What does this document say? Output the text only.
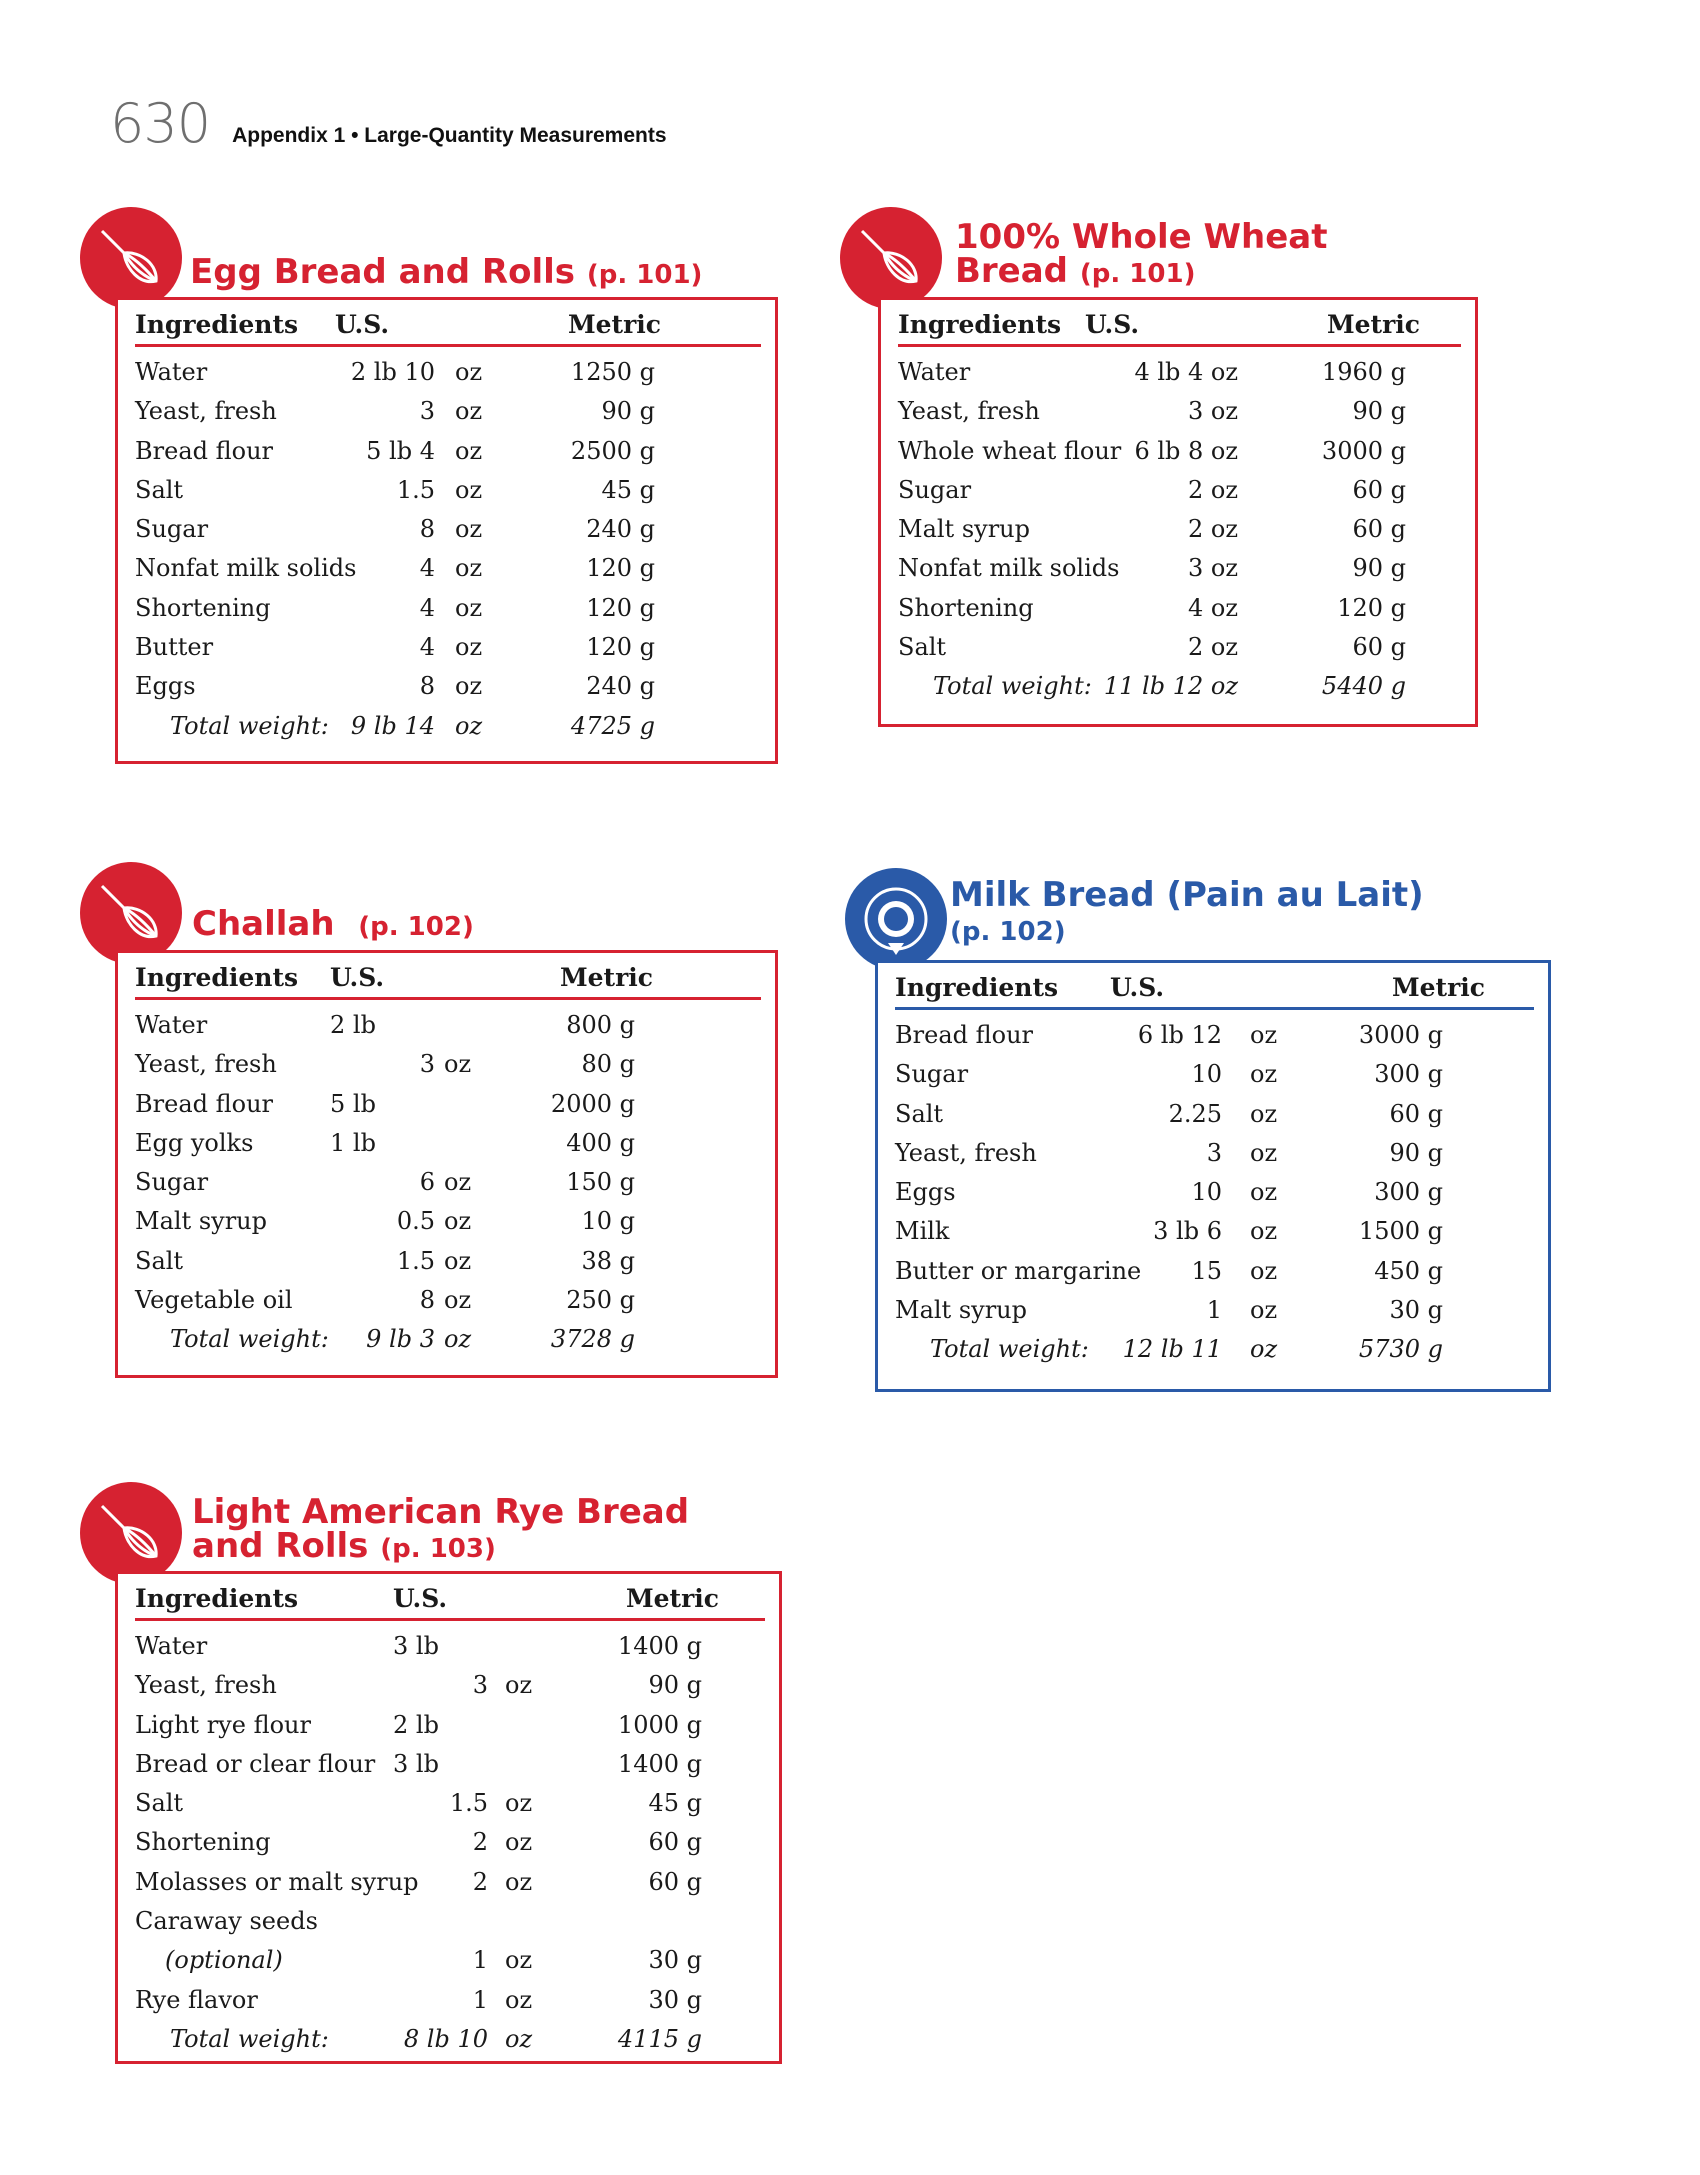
630 Appendix 1 • Large-Quantity Measurements
Egg Bread and Rolls (p. 101)
Ingredients U.S.	Metric
Water	2 lb 10 oz	1250 g
Yeast, fresh	3 oz	90 g
Bread flour	5 lb 4 oz	2500 g
Salt	1.5 oz	45 g
Sugar	8 oz	240 g
Nonfat milk solids	4 oz	120 g
Shortening	4 oz	120 g
Butter	4 oz	120 g
Eggs	8 oz	240 g
Total weight: 9 lb 14 oz	4725 g
100% Whole Wheat
Bread (p. 101)
Ingredients U.S.	Metric
Water	4 lb 4 oz	1960 g
Yeast, fresh	3 oz	90 g
Whole wheat flour 6 lb 8 oz	3000 g
Sugar	2 oz	60 g
Malt syrup	2 oz	60 g
Nonfat milk solids	3 oz	90 g
Shortening	4 oz	120 g
Salt	2 oz	60 g
Total weight: 11 lb 12 oz	5440 g
Challah (p. 102)
Ingredients U.S.	Metric
Water	2 lb	800 g
Yeast, fresh	3 oz	80 g
Bread flour 5 lb	2000 g
Egg yolks	1 lb	400 g
Sugar	6 oz	150 g
Malt syrup	0.5 oz	10 g
Salt	1.5 oz	38 g
Vegetable oil	8 oz	250 g
Total weight: 9 lb 3 oz	3728 g
Milk Bread (Pain au Lait)
(p. 102)
Ingredients U.S.	Metric
Bread flour	6 lb 12 oz	3000 g
Sugar	10 oz	300 g
Salt	2.25 oz	60 g
Yeast, fresh	3 oz	90 g
Eggs	10 oz	300 g
Milk	3 lb 6 oz	1500 g
Butter or margarine 15 oz	450 g
Malt syrup	1 oz	30 g
Total weight: 12 lb 11 oz	5730 g
Light American Rye Bread
and Rolls (p. 103)
Ingredients	U.S.	Metric
Water	3 lb	1400 g
Yeast, fresh	3 oz	90 g
Light rye flour	2 lb	1000 g
Bread or clear flour 3 lb	1400 g
Salt	1.5 oz	45 g
Shortening	2 oz	60 g
Molasses or malt syrup 2 oz	60 g
Caraway seeds
(optional)	1 oz	30 g
Rye flavor	1 oz	30 g
Total weight:	8 lb 10 oz	4115 g
